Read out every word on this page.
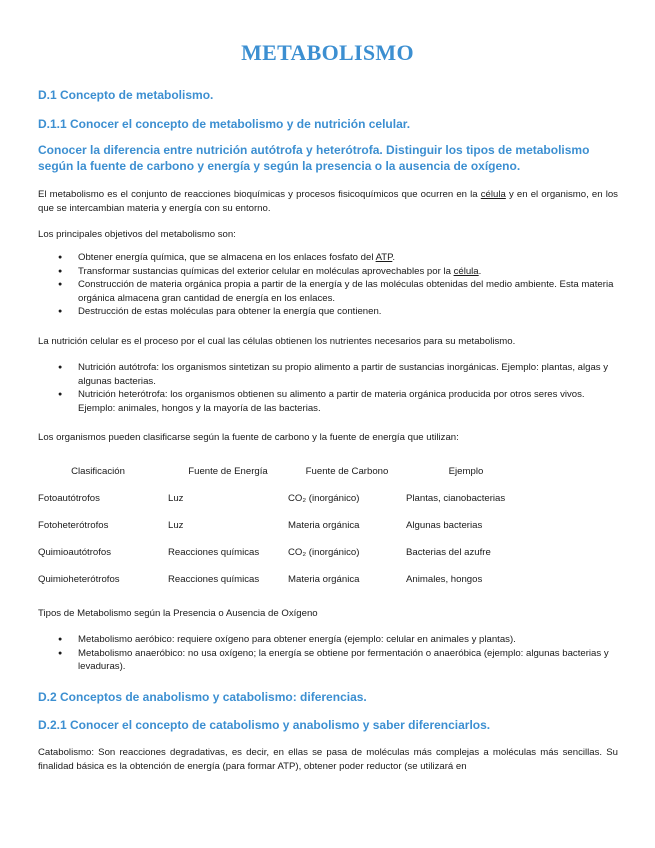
METABOLISMO
D.1 Concepto de metabolismo.
D.1.1 Conocer el concepto de metabolismo y de nutrición celular.
Conocer la diferencia entre nutrición autótrofa y heterótrofa. Distinguir los tipos de metabolismo según la fuente de carbono y energía y según la presencia o la ausencia de oxígeno.
El metabolismo es el conjunto de reacciones bioquímicas y procesos fisicoquímicos que ocurren en la célula y en el organismo, en los que se intercambian materia y energía con su entorno.
Los principales objetivos del metabolismo son:
● Obtener energía química, que se almacena en los enlaces fosfato del ATP.
● Transformar sustancias químicas del exterior celular en moléculas aprovechables por la célula.
● Construcción de materia orgánica propia a partir de la energía y de las moléculas obtenidas del medio ambiente. Esta materia orgánica almacena gran cantidad de energía en los enlaces.
● Destrucción de estas moléculas para obtener la energía que contienen.
La nutrición celular es el proceso por el cual las células obtienen los nutrientes necesarios para su metabolismo.
● Nutrición autótrofa: los organismos sintetizan su propio alimento a partir de sustancias inorgánicas. Ejemplo: plantas, algas y algunas bacterias.
● Nutrición heterótrofa: los organismos obtienen su alimento a partir de materia orgánica producida por otros seres vivos. Ejemplo: animales, hongos y la mayoría de las bacterias.
Los organismos pueden clasificarse según la fuente de carbono y la fuente de energía que utilizan:
Clasificación	Fuente de Energía	Fuente de Carbono	Ejemplo
Fotoautótrofos	Luz	CO₂ (inorgánico)	Plantas, cianobacterias
Fotoheterótrofos	Luz	Materia orgánica	Algunas bacterias
Quimioautótrofos	Reacciones químicas	CO₂ (inorgánico)	Bacterias del azufre
Quimioheterótrofos	Reacciones químicas	Materia orgánica	Animales, hongos
Tipos de Metabolismo según la Presencia o Ausencia de Oxígeno
● Metabolismo aeróbico: requiere oxígeno para obtener energía (ejemplo: celular en animales y plantas).
● Metabolismo anaeróbico: no usa oxígeno; la energía se obtiene por fermentación o anaeróbica (ejemplo: algunas bacterias y levaduras).
D.2 Conceptos de anabolismo y catabolismo: diferencias.
D.2.1 Conocer el concepto de catabolismo y anabolismo y saber diferenciarlos.
Catabolismo: Son reacciones degradativas, es decir, en ellas se pasa de moléculas más complejas a moléculas más sencillas. Su finalidad básica es la obtención de energía (para formar ATP), obtener poder reductor (se utilizará en
